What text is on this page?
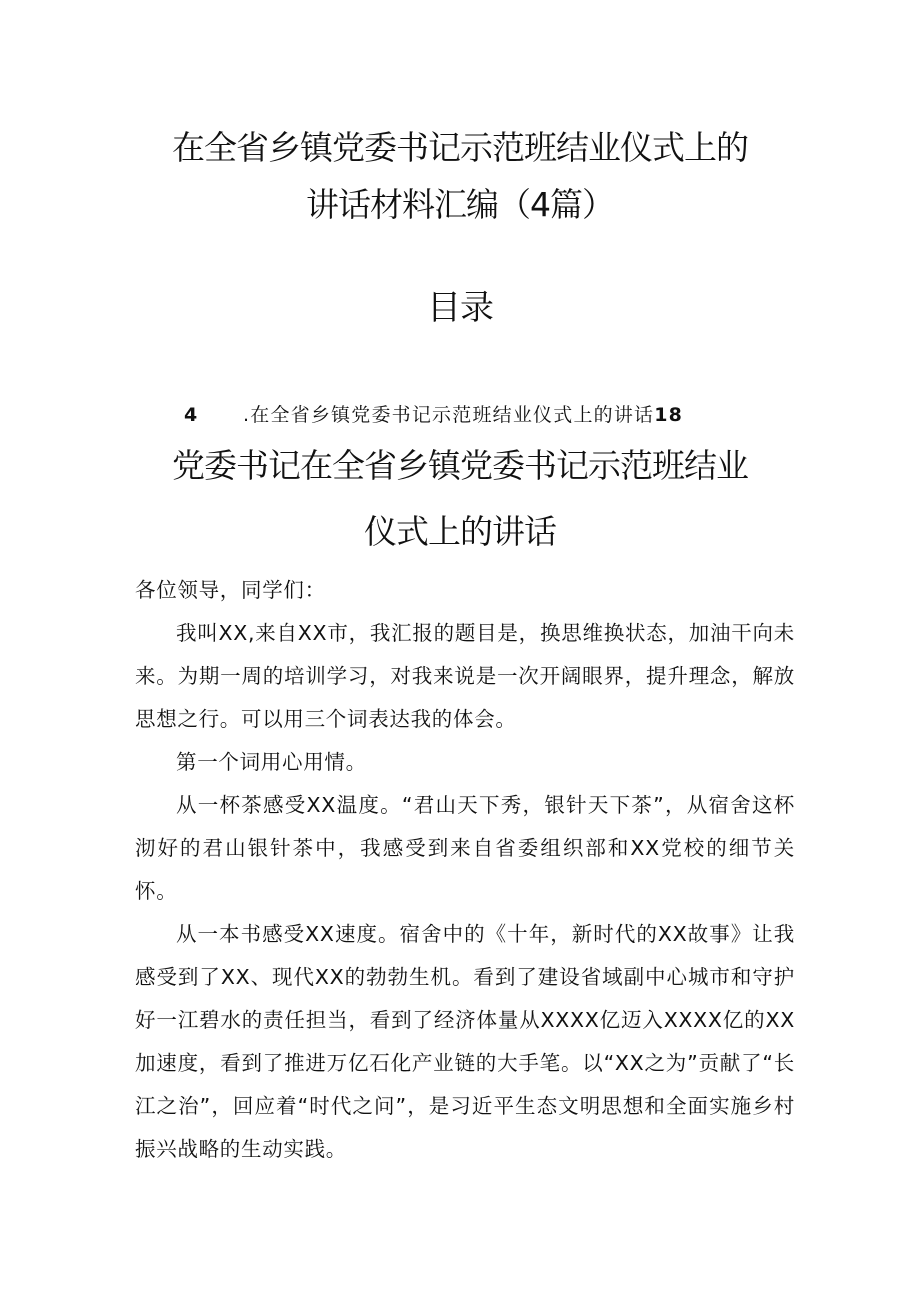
在全省乡镇党委书记示范班结业仪式上的
讲话材料汇编（4篇）
目录
4 .在全省乡镇党委书记示范班结业仪式上的讲话18
党委书记在全省乡镇党委书记示范班结业
仪式上的讲话

各位领导，同学们：

我叫XX,来自XX市，我汇报的题目是，换思维换状态，加油干向未来。为期一周的培训学习，对我来说是一次开阔眼界，提升理念，解放思想之行。可以用三个词表达我的体会。

第一个词用心用情。

从一杯茶感受XX温度。“君山天下秀，银针天下茶”，从宿舍这杯沏好的君山银针茶中，我感受到来自省委组织部和XX党校的细节关怀。

从一本书感受XX速度。宿舍中的《十年，新时代的XX故事》让我感受到了XX、现代XX的勃勃生机。看到了建设省域副中心城市和守护好一江碧水的责任担当，看到了经济体量从XXXX亿迈入XXXX亿的XX加速度，看到了推进万亿石化产业链的大手笔。以“XX之为”贡献了“长江之治”，回应着“时代之问”，是习近平生态文明思想和全面实施乡村振兴战略的生动实践。
